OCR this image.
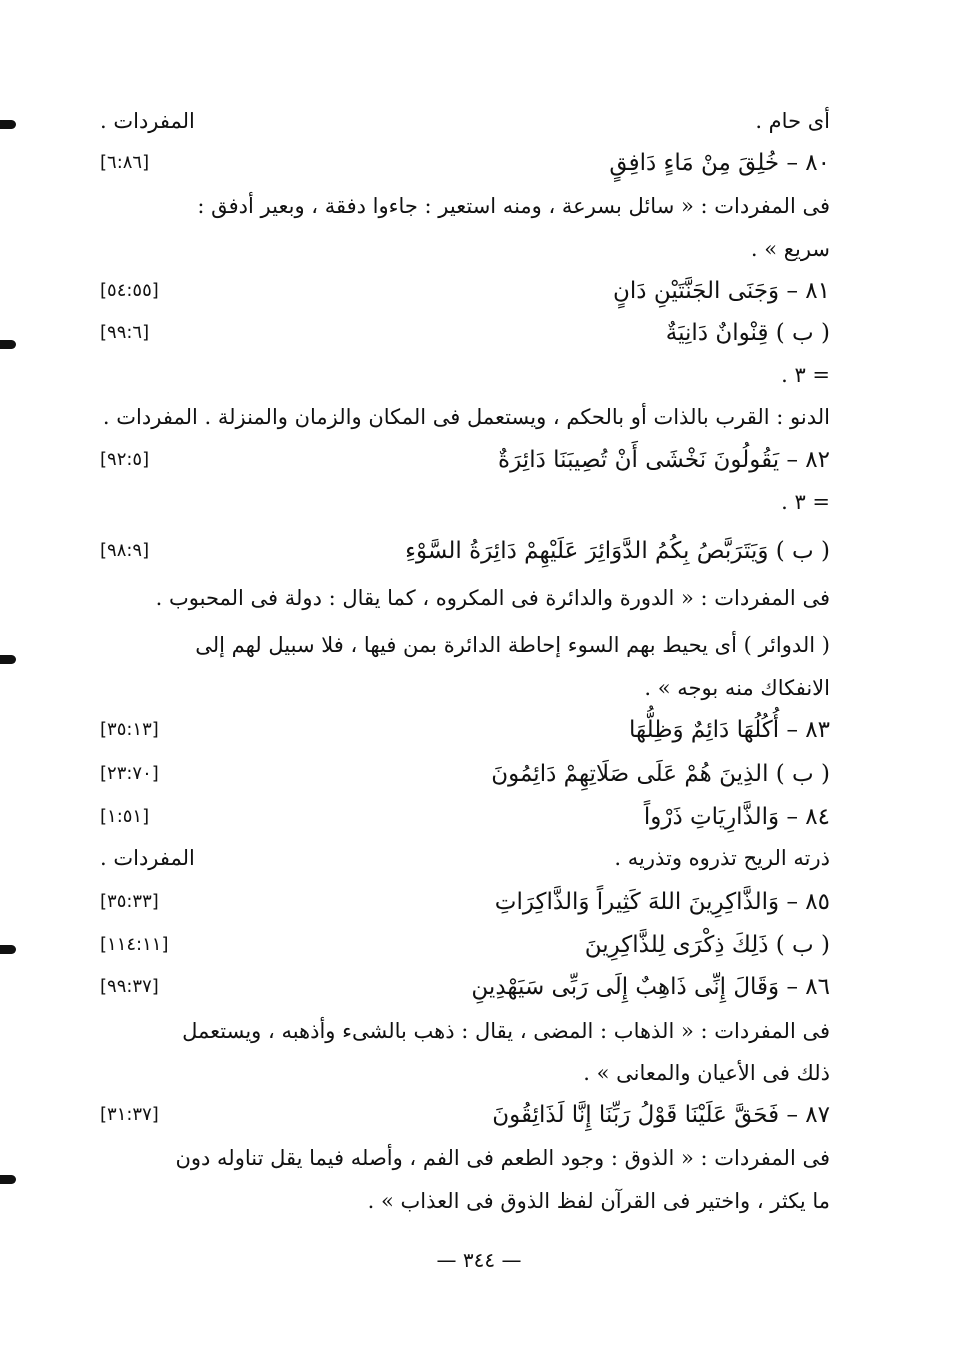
أى حام .
المفردات .
٨٠ – خُلِقَ مِنْ مَاءٍ دَافِقٍ
[٦:٨٦]
فى المفردات : « سائل بسرعة ، ومنه استعير : جاءوا دفقة ، وبعير أدفق :
سريع » .
٨١ – وَجَنَى الجَنَّتَيْنِ دَانٍ
[٥٤:٥٥]
( ب ) قِنْوانٌ دَانِيَةٌ
[٩٩:٦]
= ٣ .
الدنو : القرب بالذات أو بالحكم ، ويستعمل فى المكان والزمان والمنزلة . المفردات .
٨٢ – يَقُولُونَ نَخْشَى أَنْ تُصِيبَنَا دَائِرَةٌ
[٩٢:٥]
= ٣ .
( ب ) وَيَتَرَبَّصُ بِكُمُ الدَّوَائِرَ عَلَيْهِمْ دَائِرَةُ السَّوْءِ
[٩٨:٩]
فى المفردات : « الدورة والدائرة فى المكروه ، كما يقال : دولة فى المحبوب .
( الدوائر ) أى يحيط بهم السوء إحاطة الدائرة بمن فيها ، فلا سبيل لهم إلى
الانفكاك منه بوجه » .
٨٣ – أُكُلُهَا دَائِمٌ وَظِلُّهَا
[٣٥:١٣]
( ب ) الذِينَ هُمْ عَلَى صَلَاتِهِمْ دَائِمُونَ
[٢٣:٧٠]
٨٤ – وَالذَّارِيَاتِ ذَرْواً
[١:٥١]
ذرته الريح تذروه وتذريه .
المفردات .
٨٥ – وَالذَّاكِرِينَ اللهَ كَثِيراً وَالذَّاكِرَاتِ
[٣٥:٣٣]
( ب ) ذَلِكَ ذِكْرَى لِلذَّاكِرِينَ
[١١٤:١١]
٨٦ – وَقَالَ إِنِّى ذَاهِبٌ إِلَى رَبِّى سَيَهْدِينِ
[٩٩:٣٧]
فى المفردات : « الذهاب : المضى ، يقال : ذهب بالشىء وأذهبه ، ويستعمل
ذلك فى الأعيان والمعانى » .
٨٧ – فَحَقَّ عَلَيْنَا قَوْلُ رَبِّنَا إِنَّا لَذَائِقُونَ
[٣١:٣٧]
فى المفردات : « الذوق : وجود الطعم فى الفم ، وأصله فيما يقل تناوله دون
ما يكثر ، واختير فى القرآن لفظ الذوق فى العذاب » .
— ٣٤٤ —
